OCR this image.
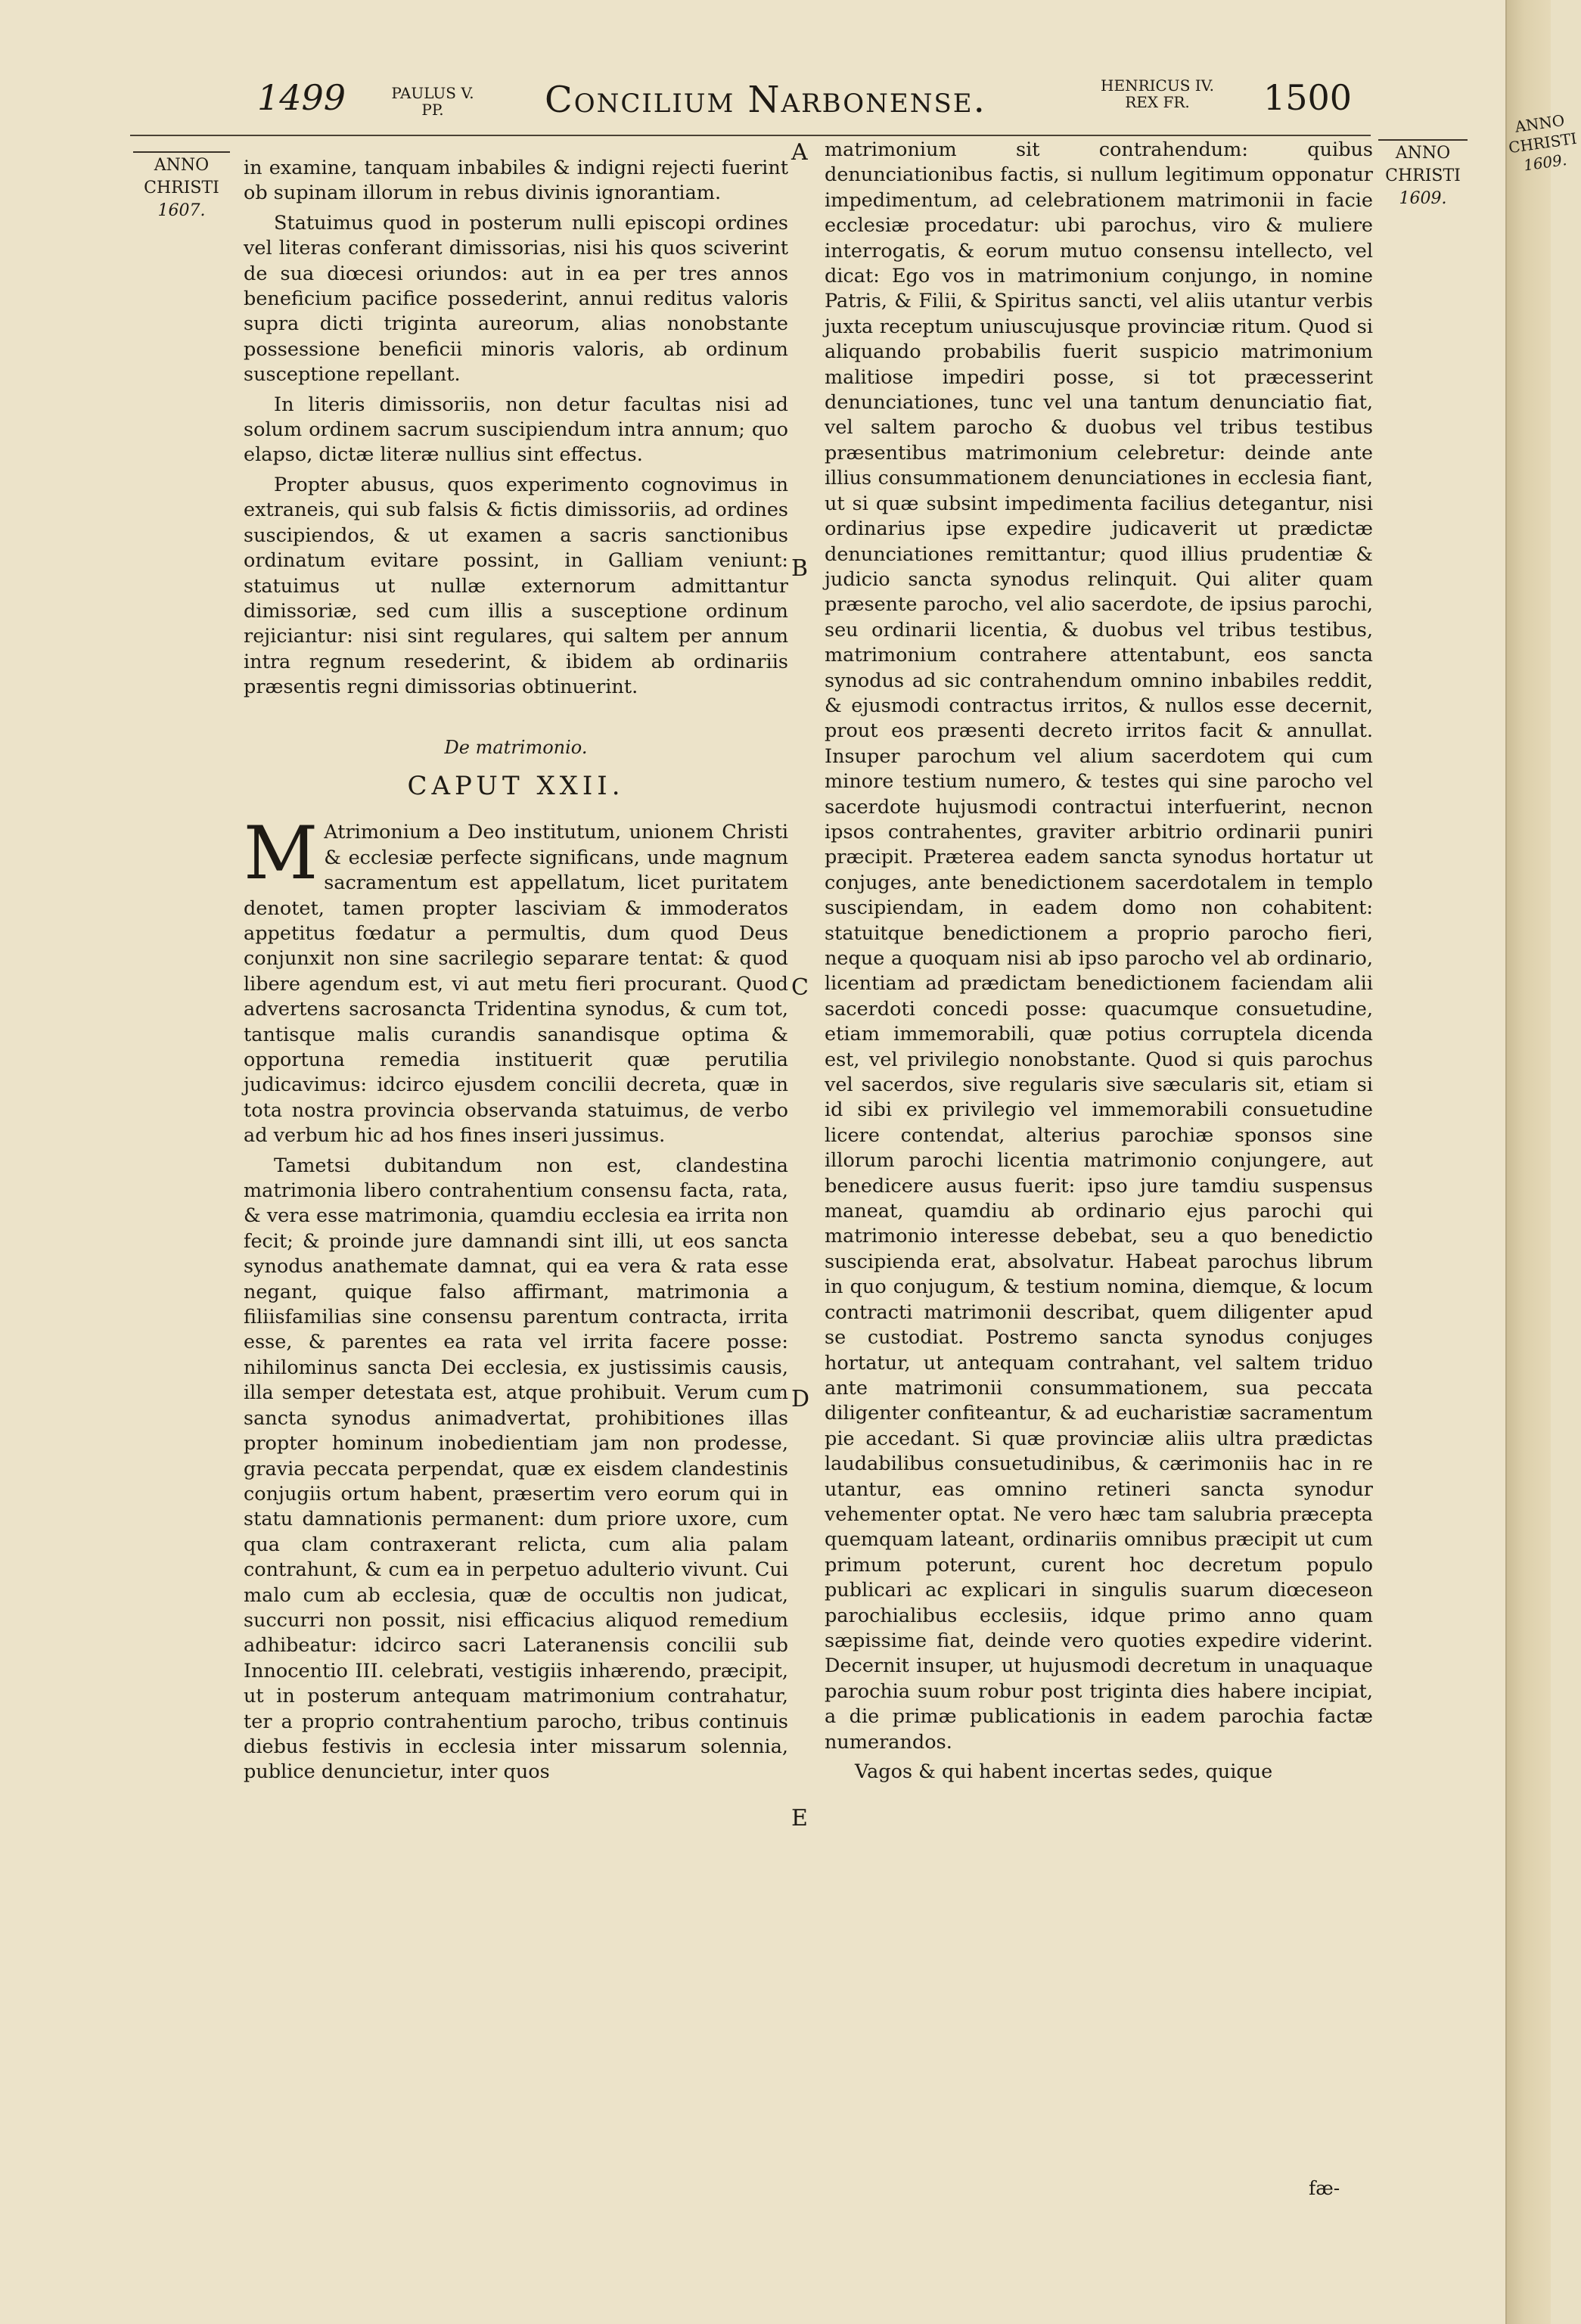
1499	PAULUS V.
PP.	Concilium Narbonense.	HENRICUS IV.
REX FR.	1500
ANNO
CHRISTI
1607.
ANNO
CHRISTI
1609.
A
B
C
D
E

in examine, tanquam inbabiles & indigni rejecti fuerint ob supinam illorum in rebus divinis ignorantiam.

Statuimus quod in posterum nulli episcopi ordines vel literas conferant dimissorias, nisi his quos sciverint de sua diœcesi oriundos: aut in ea per tres annos beneficium pacifice possederint, annui reditus valoris supra dicti triginta aureorum, alias nonobstante possessione beneficii minoris valoris, ab ordinum susceptione repellant.

In literis dimissoriis, non detur facultas nisi ad solum ordinem sacrum suscipiendum intra annum; quo elapso, dictæ literæ nullius sint effectus.

Propter abusus, quos experimento cognovimus in extraneis, qui sub falsis & fictis dimissoriis, ad ordines suscipiendos, & ut examen a sacris sanctionibus ordinatum evitare possint, in Galliam veniunt: statuimus ut nullæ externorum admittantur dimissoriæ, sed cum illis a susceptione ordinum rejiciantur: nisi sint regulares, qui saltem per annum intra regnum resederint, & ibidem ab ordinariis præsentis regni dimissorias obtinuerint.

De matrimonio.
CAPUT XXII.

M Atrimonium a Deo institutum, unionem Christi & ecclesiæ perfecte significans, unde magnum sacramentum est appellatum, licet puritatem denotet, tamen propter lasciviam & immoderatos appetitus fœdatur a permultis, dum quod Deus conjunxit non sine sacrilegio separare tentat: & quod libere agendum est, vi aut metu fieri procurant. Quod advertens sacrosancta Tridentina synodus, & cum tot, tantisque malis curandis sanandisque optima & opportuna remedia instituerit quæ perutilia judicavimus: idcirco ejusdem concilii decreta, quæ in tota nostra provincia observanda statuimus, de verbo ad verbum hic ad hos fines inseri jussimus.

Tametsi dubitandum non est, clandestina matrimonia libero contrahentium consensu facta, rata, & vera esse matrimonia, quamdiu ecclesia ea irrita non fecit; & proinde jure damnandi sint illi, ut eos sancta synodus anathemate damnat, qui ea vera & rata esse negant, quique falso affirmant, matrimonia a filiisfamilias sine consensu parentum contracta, irrita esse, & parentes ea rata vel irrita facere posse: nihilominus sancta Dei ecclesia, ex justissimis causis, illa semper detestata est, atque prohibuit. Verum cum sancta synodus animadvertat, prohibitiones illas propter hominum inobedientiam jam non prodesse, gravia peccata perpendat, quæ ex eisdem clandestinis conjugiis ortum habent, præsertim vero eorum qui in statu damnationis permanent: dum priore uxore, cum qua clam contraxerant relicta, cum alia palam contrahunt, & cum ea in perpetuo adulterio vivunt. Cui malo cum ab ecclesia, quæ de occultis non judicat, succurri non possit, nisi efficacius aliquod remedium adhibeatur: idcirco sacri Lateranensis concilii sub Innocentio III. celebrati, vestigiis inhærendo, præcipit, ut in posterum antequam matrimonium contrahatur, ter a proprio contrahentium parocho, tribus continuis diebus festivis in ecclesia inter missarum solennia, publice denuncietur, inter quos

matrimonium sit contrahendum: quibus denunciationibus factis, si nullum legitimum opponatur impedimentum, ad celebrationem matrimonii in facie ecclesiæ procedatur: ubi parochus, viro & muliere interrogatis, & eorum mutuo consensu intellecto, vel dicat: Ego vos in matrimonium conjungo, in nomine Patris, & Filii, & Spiritus sancti, vel aliis utantur verbis juxta receptum uniuscujusque provinciæ ritum. Quod si aliquando probabilis fuerit suspicio matrimonium malitiose impediri posse, si tot præcesserint denunciationes, tunc vel una tantum denunciatio fiat, vel saltem parocho & duobus vel tribus testibus præsentibus matrimonium celebretur: deinde ante illius consummationem denunciationes in ecclesia fiant, ut si quæ subsint impedimenta facilius detegantur, nisi ordinarius ipse expedire judicaverit ut prædictæ denunciationes remittantur; quod illius prudentiæ & judicio sancta synodus relinquit. Qui aliter quam præsente parocho, vel alio sacerdote, de ipsius parochi, seu ordinarii licentia, & duobus vel tribus testibus, matrimonium contrahere attentabunt, eos sancta synodus ad sic contrahendum omnino inbabiles reddit, & ejusmodi contractus irritos, & nullos esse decernit, prout eos præsenti decreto irritos facit & annullat. Insuper parochum vel alium sacerdotem qui cum minore testium numero, & testes qui sine parocho vel sacerdote hujusmodi contractui interfuerint, necnon ipsos contrahentes, graviter arbitrio ordinarii puniri præcipit. Præterea eadem sancta synodus hortatur ut conjuges, ante benedictionem sacerdotalem in templo suscipiendam, in eadem domo non cohabitent: statuitque benedictionem a proprio parocho fieri, neque a quoquam nisi ab ipso parocho vel ab ordinario, licentiam ad prædictam benedictionem faciendam alii sacerdoti concedi posse: quacumque consuetudine, etiam immemorabili, quæ potius corruptela dicenda est, vel privilegio nonobstante. Quod si quis parochus vel sacerdos, sive regularis sive sæcularis sit, etiam si id sibi ex privilegio vel immemorabili consuetudine licere contendat, alterius parochiæ sponsos sine illorum parochi licentia matrimonio conjungere, aut benedicere ausus fuerit: ipso jure tamdiu suspensus maneat, quamdiu ab ordinario ejus parochi qui matrimonio interesse debebat, seu a quo benedictio suscipienda erat, absolvatur. Habeat parochus librum in quo conjugum, & testium nomina, diemque, & locum contracti matrimonii describat, quem diligenter apud se custodiat. Postremo sancta synodus conjuges hortatur, ut antequam contrahant, vel saltem triduo ante matrimonii consummationem, sua peccata diligenter confiteantur, & ad eucharistiæ sacramentum pie accedant. Si quæ provinciæ aliis ultra prædictas laudabilibus consuetudinibus, & cærimoniis hac in re utantur, eas omnino retineri sancta synodur vehementer optat. Ne vero hæc tam salubria præcepta quemquam lateant, ordinariis omnibus præcipit ut cum primum poterunt, curent hoc decretum populo publicari ac explicari in singulis suarum diœceseon parochialibus ecclesiis, idque primo anno quam sæpissime fiat, deinde vero quoties expedire viderint. Decernit insuper, ut hujusmodi decretum in unaquaque parochia suum robur post triginta dies habere incipiat, a die primæ publicationis in eadem parochia factæ numerandos.

Vagos & qui habent incertas sedes, quique

fæ-
ANNO
CHRISTI
1609.
